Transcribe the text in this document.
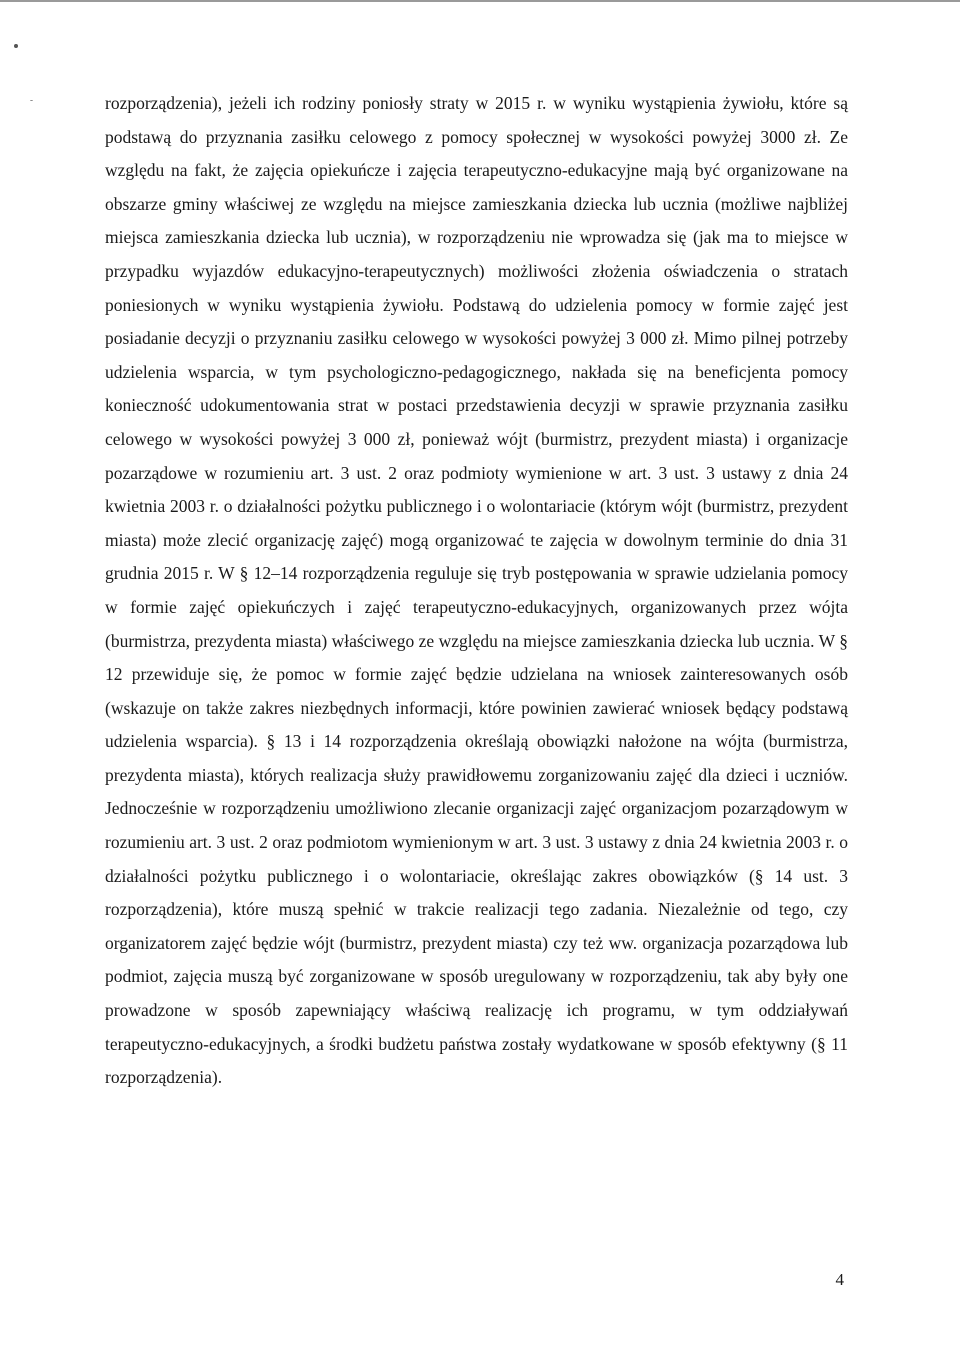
rozporządzenia), jeżeli ich rodziny poniosły straty w 2015 r. w wyniku wystąpienia żywiołu, które są podstawą do przyznania zasiłku celowego z pomocy społecznej w wysokości powyżej 3000 zł. Ze względu na fakt, że zajęcia opiekuńcze i zajęcia terapeutyczno-edukacyjne mają być organizowane na obszarze gminy właściwej ze względu na miejsce zamieszkania dziecka lub ucznia (możliwe najbliżej miejsca zamieszkania dziecka lub ucznia), w rozporządzeniu nie wprowadza się (jak ma to miejsce w przypadku wyjazdów edukacyjno-terapeutycznych) możliwości złożenia oświadczenia o stratach poniesionych w wyniku wystąpienia żywiołu. Podstawą do udzielenia pomocy w formie zajęć jest posiadanie decyzji o przyznaniu zasiłku celowego w wysokości powyżej 3 000 zł. Mimo pilnej potrzeby udzielenia wsparcia, w tym psychologiczno-pedagogicznego, nakłada się na beneficjenta pomocy konieczność udokumentowania strat w postaci przedstawienia decyzji w sprawie przyznania zasiłku celowego w wysokości powyżej 3 000 zł, ponieważ wójt (burmistrz, prezydent miasta) i organizacje pozarządowe w rozumieniu art. 3 ust. 2 oraz podmioty wymienione w art. 3 ust. 3 ustawy z dnia 24 kwietnia 2003 r. o działalności pożytku publicznego i o wolontariacie (którym wójt (burmistrz, prezydent miasta) może zlecić organizację zajęć) mogą organizować te zajęcia w dowolnym terminie do dnia 31 grudnia 2015 r. W § 12–14 rozporządzenia reguluje się tryb postępowania w sprawie udzielania pomocy w formie zajęć opiekuńczych i zajęć terapeutyczno-edukacyjnych, organizowanych przez wójta (burmistrza, prezydenta miasta) właściwego ze względu na miejsce zamieszkania dziecka lub ucznia. W § 12 przewiduje się, że pomoc w formie zajęć będzie udzielana na wniosek zainteresowanych osób (wskazuje on także zakres niezbędnych informacji, które powinien zawierać wniosek będący podstawą udzielenia wsparcia). § 13 i 14 rozporządzenia określają obowiązki nałożone na wójta (burmistrza, prezydenta miasta), których realizacja służy prawidłowemu zorganizowaniu zajęć dla dzieci i uczniów. Jednocześnie w rozporządzeniu umożliwiono zlecanie organizacji zajęć organizacjom pozarządowym w rozumieniu art. 3 ust. 2 oraz podmiotom wymienionym w art. 3 ust. 3 ustawy z dnia 24 kwietnia 2003 r. o działalności pożytku publicznego i o wolontariacie, określając zakres obowiązków (§ 14 ust. 3 rozporządzenia), które muszą spełnić w trakcie realizacji tego zadania. Niezależnie od tego, czy organizatorem zajęć będzie wójt (burmistrz, prezydent miasta) czy też ww. organizacja pozarządowa lub podmiot, zajęcia muszą być zorganizowane w sposób uregulowany w rozporządzeniu, tak aby były one prowadzone w sposób zapewniający właściwą realizację ich programu, w tym oddziaływań terapeutyczno-edukacyjnych, a środki budżetu państwa zostały wydatkowane w sposób efektywny (§ 11 rozporządzenia).

4
